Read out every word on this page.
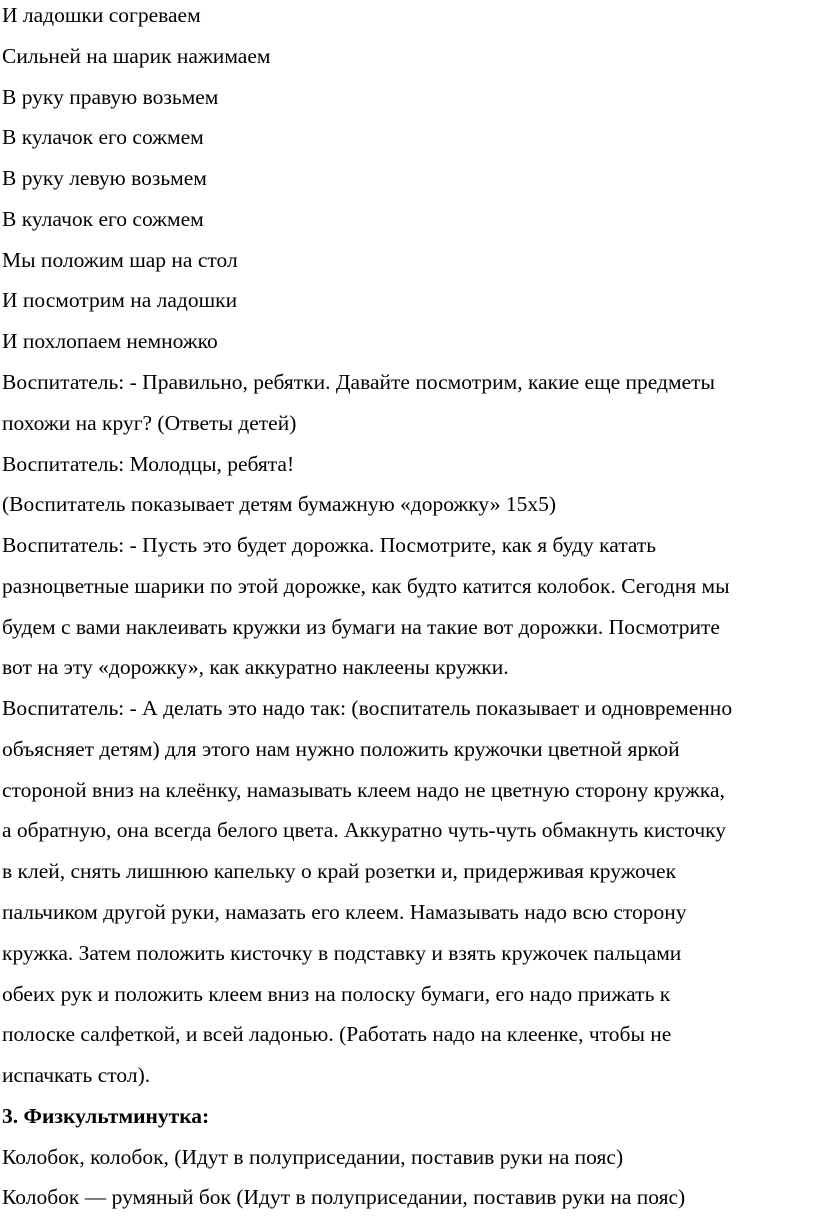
И ладошки согреваем
Сильней на шарик нажимаем
В руку правую возьмем
В кулачок его сожмем
В руку левую возьмем
В кулачок его сожмем
Мы положим шар на стол
И посмотрим на ладошки
И похлопаем немножко
Воспитатель: - Правильно, ребятки. Давайте посмотрим, какие еще предметы
похожи на круг? (Ответы детей)
Воспитатель: Молодцы, ребята!
(Воспитатель показывает детям бумажную «дорожку» 15х5)
Воспитатель: - Пусть это будет дорожка. Посмотрите, как я буду катать
разноцветные шарики по этой дорожке, как будто катится колобок. Сегодня мы
будем с вами наклеивать кружки из бумаги на такие вот дорожки. Посмотрите
вот на эту «дорожку», как аккуратно наклеены кружки.
Воспитатель: - А делать это надо так: (воспитатель показывает и одновременно
объясняет детям) для этого нам нужно положить кружочки цветной яркой
стороной вниз на клеёнку, намазывать клеем надо не цветную сторону кружка,
а обратную, она всегда белого цвета. Аккуратно чуть-чуть обмакнуть кисточку
в клей, снять лишнюю капельку о край розетки и, придерживая кружочек
пальчиком другой руки, намазать его клеем. Намазывать надо всю сторону
кружка. Затем положить кисточку в подставку и взять кружочек пальцами
обеих рук и положить клеем вниз на полоску бумаги, его надо прижать к
полоске салфеткой, и всей ладонью. (Работать надо на клеенке, чтобы не
испачкать стол).
3. Физкультминутка:
Колобок, колобок, (Идут в полуприседании, поставив руки на пояс)
Колобок — румяный бок (Идут в полуприседании, поставив руки на пояс)
